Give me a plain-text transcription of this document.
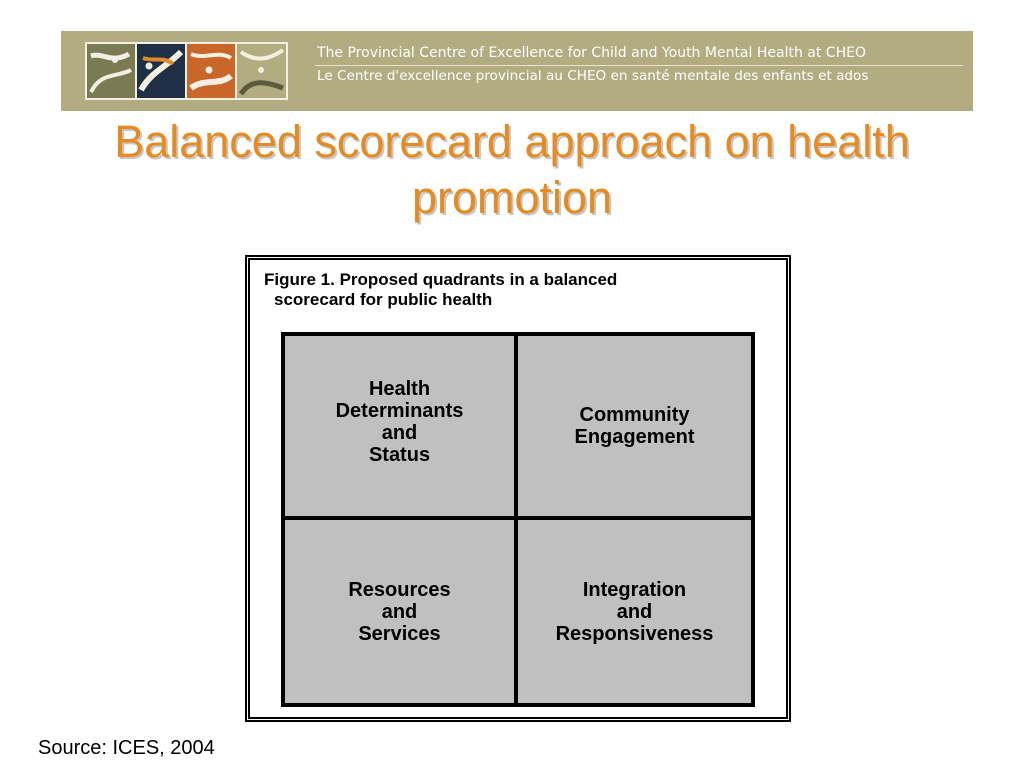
The Provincial Centre of Excellence for Child and Youth Mental Health at CHEO
Le Centre d'excellence provincial au CHEO en santé mentale des enfants et ados
Balanced scorecard approach on health promotion
Figure 1. Proposed quadrants in a balanced
scorecard for public health
Health
Determinants
and
Status
Community
Engagement
Resources
and
Services
Integration
and
Responsiveness
Source: ICES, 2004
